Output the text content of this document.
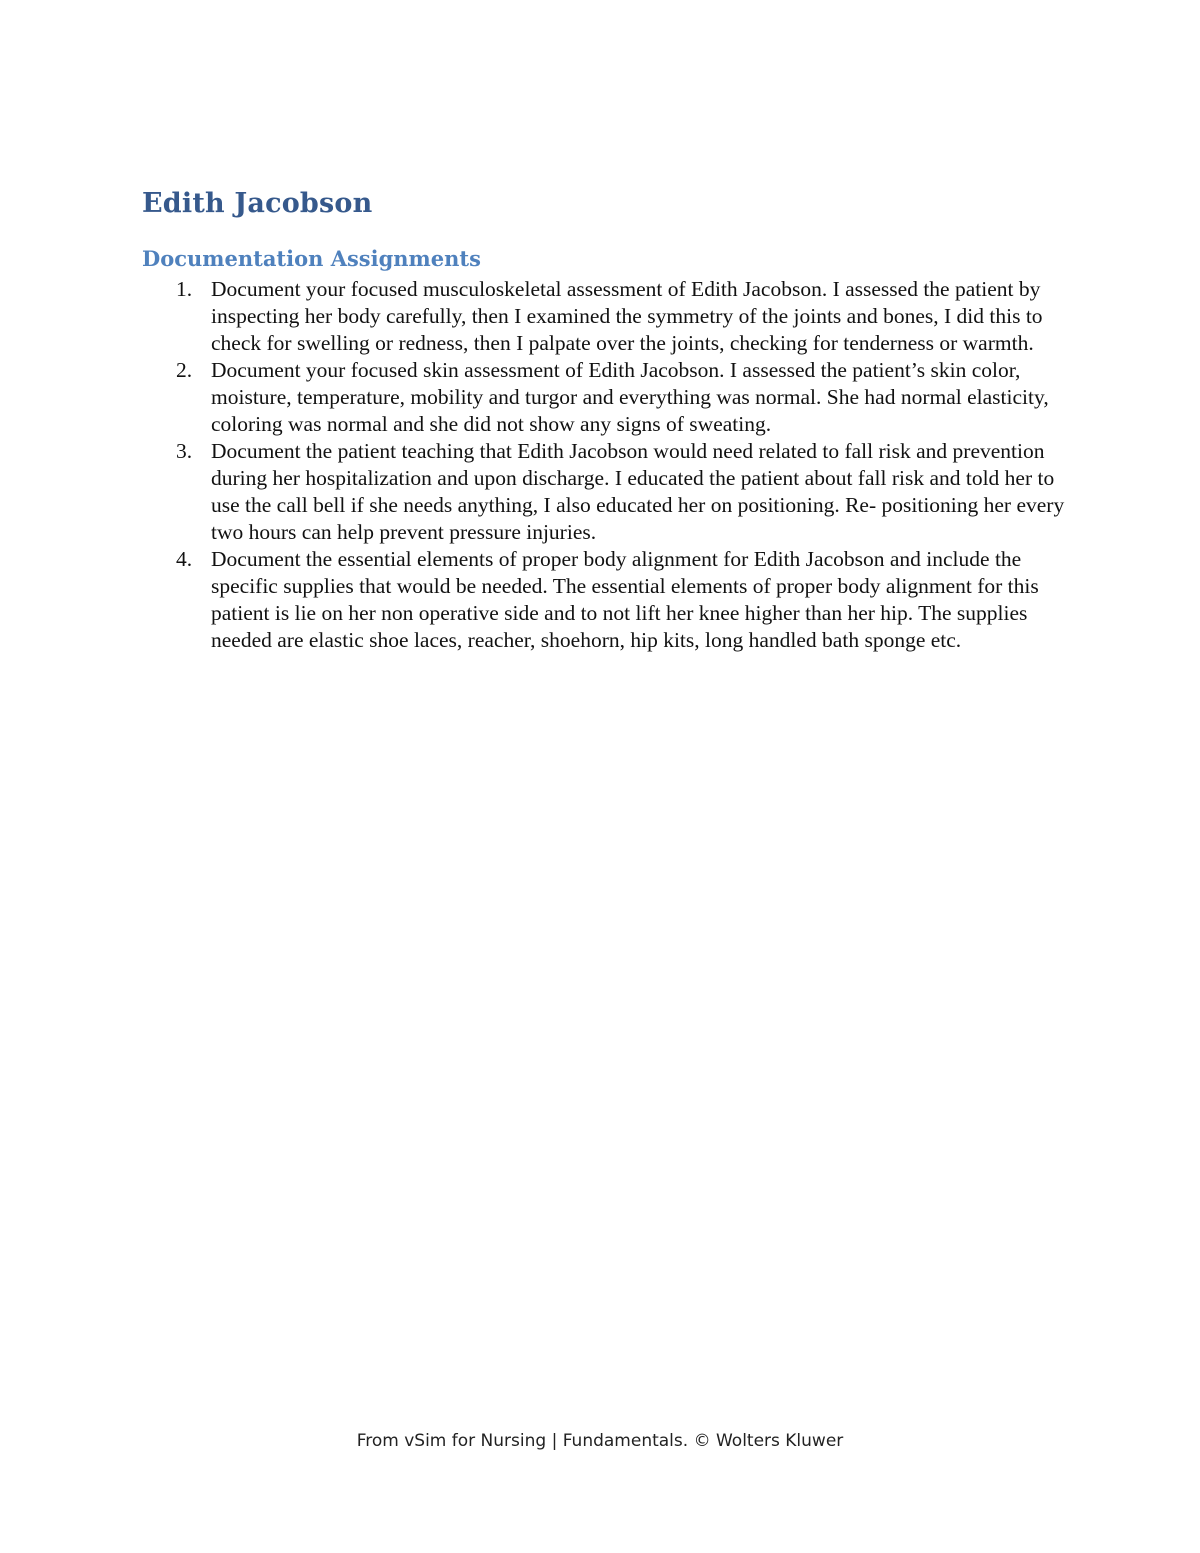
Edith Jacobson
Documentation Assignments
1. Document your focused musculoskeletal assessment of Edith Jacobson. I assessed the patient by inspecting her body carefully, then I examined the symmetry of the joints and bones, I did this to check for swelling or redness, then I palpate over the joints, checking for tenderness or warmth.
2. Document your focused skin assessment of Edith Jacobson. I assessed the patient’s skin color, moisture, temperature, mobility and turgor and everything was normal. She had normal elasticity, coloring was normal and she did not show any signs of sweating.
3. Document the patient teaching that Edith Jacobson would need related to fall risk and prevention during her hospitalization and upon discharge. I educated the patient about fall risk and told her to use the call bell if she needs anything, I also educated her on positioning. Re- positioning her every two hours can help prevent pressure injuries.
4. Document the essential elements of proper body alignment for Edith Jacobson and include the specific supplies that would be needed. The essential elements of proper body alignment for this patient is lie on her non operative side and to not lift her knee higher than her hip. The supplies needed are elastic shoe laces, reacher, shoehorn, hip kits, long handled bath sponge etc.
From vSim for Nursing | Fundamentals. © Wolters Kluwer
